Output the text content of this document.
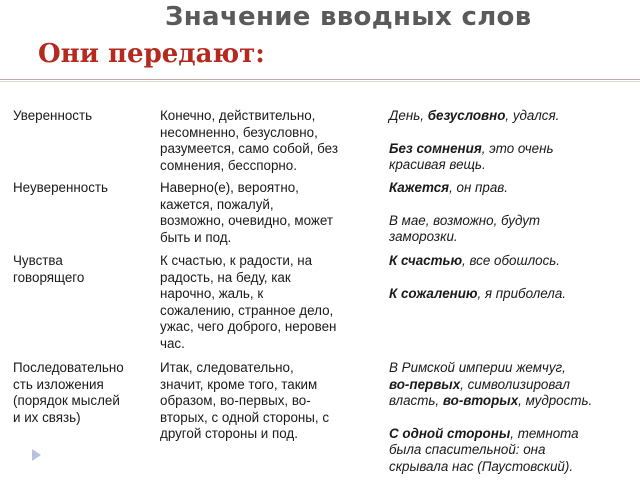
Значение вводных слов
Они передают:
Уверенность	Конечно, действительно,
несомненно, безусловно,
разумеется, само собой, без
сомнения, бесспорно.
День, безусловно, удался.
Без сомнения, это очень
красивая вещь.
Неуверенность	Наверно(е), вероятно,
кажется, пожалуй,
возможно, очевидно, может
быть и под.
Кажется, он прав.
В мае, возможно, будут
заморозки.
Чувства
говорящего
К счастью, к радости, на
радость, на беду, как
нарочно, жаль, к
сожалению, странное дело,
ужас, чего доброго, неровен
час.
К счастью, все обошлось.
К сожалению, я приболела.
Последовательно
сть изложения
(порядок мыслей
и их связь)
Итак, следовательно,
значит, кроме того, таким
образом, во-первых, во-
вторых, с одной стороны, с
другой стороны и под.
В Римской империи жемчуг,
во-первых, символизировал
власть, во-вторых, мудрость.
С одной стороны, темнота
была спасительной: она
скрывала нас (Паустовский).
